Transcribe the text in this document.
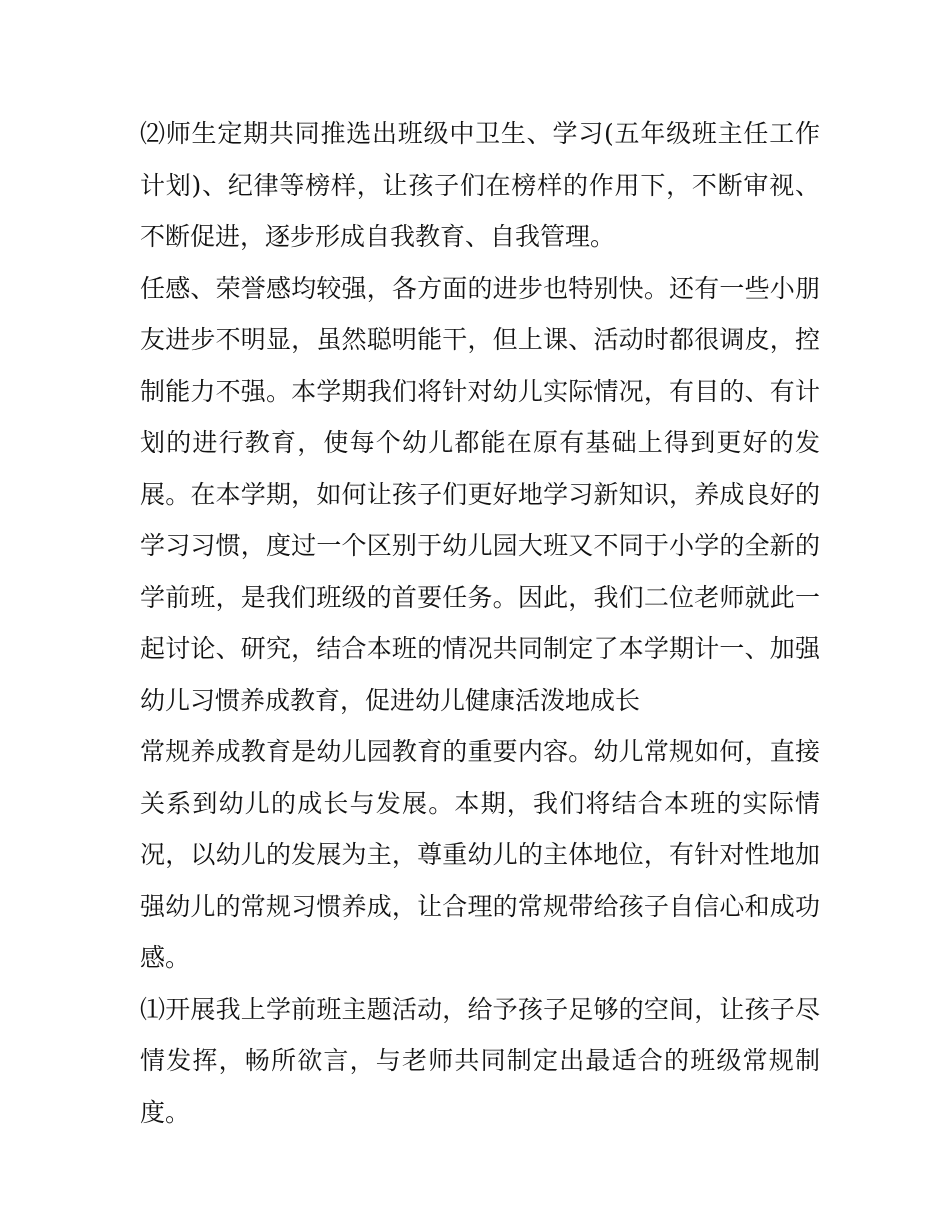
⑵师生定期共同推选出班级中卫生、学习(五年级班主任工作计划)、纪律等榜样，让孩子们在榜样的作用下，不断审视、不断促进，逐步形成自我教育、自我管理。

任感、荣誉感均较强，各方面的进步也特别快。还有一些小朋友进步不明显，虽然聪明能干，但上课、活动时都很调皮，控制能力不强。本学期我们将针对幼儿实际情况，有目的、有计划的进行教育，使每个幼儿都能在原有基础上得到更好的发展。在本学期，如何让孩子们更好地学习新知识，养成良好的学习习惯，度过一个区别于幼儿园大班又不同于小学的全新的学前班，是我们班级的首要任务。因此，我们二位老师就此一起讨论、研究，结合本班的情况共同制定了本学期计一、加强幼儿习惯养成教育，促进幼儿健康活泼地成长

常规养成教育是幼儿园教育的重要内容。幼儿常规如何，直接关系到幼儿的成长与发展。本期，我们将结合本班的实际情况，以幼儿的发展为主，尊重幼儿的主体地位，有针对性地加强幼儿的常规习惯养成，让合理的常规带给孩子自信心和成功感。

⑴开展我上学前班主题活动，给予孩子足够的空间，让孩子尽情发挥，畅所欲言，与老师共同制定出最适合的班级常规制度。
